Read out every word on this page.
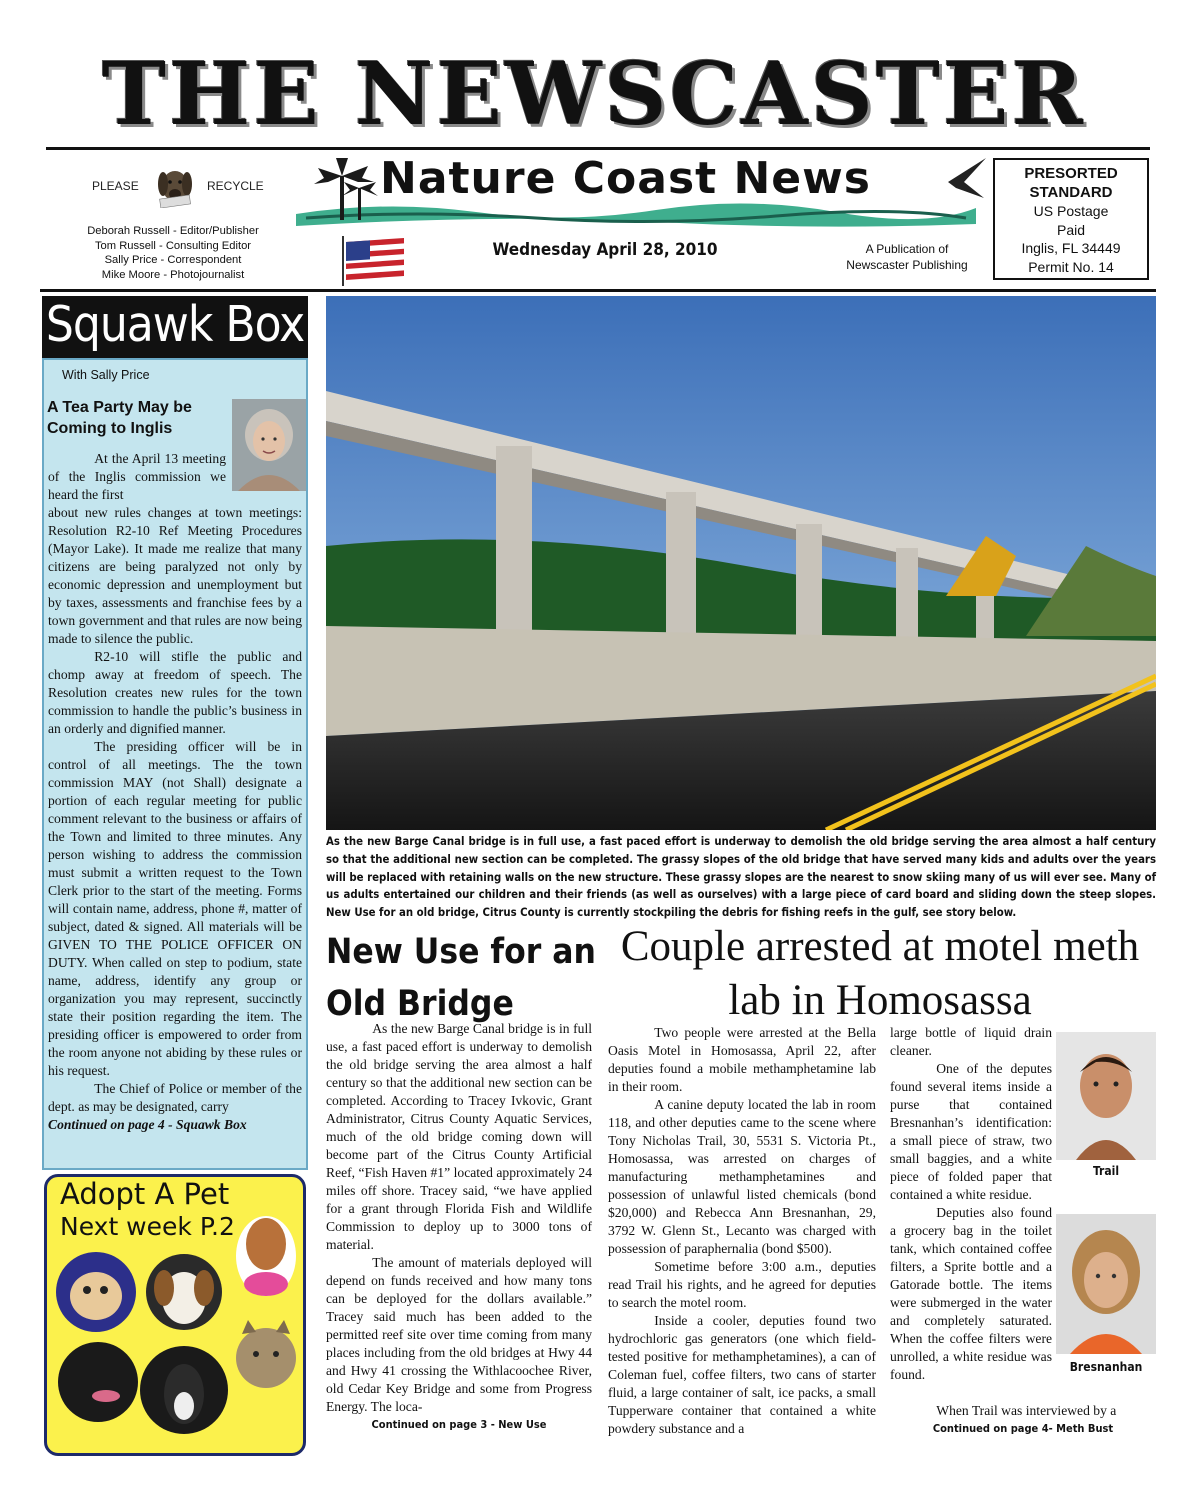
THE NEWSCASTER
PLEASE	RECYCLE
Deborah Russell - Editor/Publisher
Tom Russell - Consulting Editor
Sally Price - Correspondent
Mike Moore - Photojournalist
Nature Coast News
Wednesday April 28, 2010	A Publication of
Newscaster Publishing
PRESORTED
STANDARD
US Postage
Paid
Inglis, FL 34449
Permit No. 14
Squawk Box
With Sally Price
A Tea Party May be Coming to Inglis

At the April 13 meeting of the Inglis commission we heard the first

about new rules changes at town meetings: Resolution R2-10 Ref Meeting Procedures (Mayor Lake). It made me realize that many citizens are being paralyzed not only by economic depression and unemployment but by taxes, assessments and franchise fees by a town government and that rules are now being made to silence the public.

R2-10 will stifle the public and chomp away at freedom of speech. The Resolution creates new rules for the town commission to handle the public’s business in an orderly and dignified manner.

The presiding officer will be in control of all meetings. The the town commission MAY (not Shall) designate a portion of each regular meeting for public comment relevant to the business or affairs of the Town and limited to three minutes. Any person wishing to address the commission must submit a written request to the Town Clerk prior to the start of the meeting. Forms will contain name, address, phone #, matter of subject, dated & signed. All materials will be GIVEN TO THE POLICE OFFICER ON DUTY. When called on step to podium, state name, address, identify any group or organization you may represent, succinctly state their position regarding the item. The presiding officer is empowered to order from the room anyone not abiding by these rules or his request.

The Chief of Police or member of the dept. as may be designated, carry

Continued on page 4 - Squawk Box

Adopt A Pet
Next week P.2
As the new Barge Canal bridge is in full use, a fast paced effort is underway to demolish the old bridge serving the area almost a half century so that the additional new section can be completed. The grassy slopes of the old bridge that have served many kids and adults over the years will be replaced with retaining walls on the new structure. These grassy slopes are the nearest to snow skiing many of us will ever see. Many of us adults entertained our children and their friends (as well as ourselves) with a large piece of card board and sliding down the steep slopes. New Use for an old bridge, Citrus County is currently stockpiling the debris for fishing reefs in the gulf, see story below.
New Use for an Old Bridge

As the new Barge Canal bridge is in full use, a fast paced effort is underway to demolish the old bridge serving the area almost a half century so that the additional new section can be completed. According to Tracey Ivkovic, Grant Administrator, Citrus County Aquatic Services, much of the old bridge coming down will become part of the Citrus County Artificial Reef, “Fish Haven #1” located approximately 24 miles off shore. Tracey said, “we have applied for a grant through Florida Fish and Wildlife Commission to deploy up to 3000 tons of material.

The amount of materials deployed will depend on funds received and how many tons can be deployed for the dollars available.” Tracey said much has been added to the permitted reef site over time coming from many places including from the old bridges at Hwy 44 and Hwy 41 crossing the Withlacoochee River, old Cedar Key Bridge and some from Progress Energy. The loca-

Continued on page 3 - New Use
Couple arrested at motel meth lab in Homosassa

Two people were arrested at the Bella Oasis Motel in Homosassa, April 22, after deputies found a mobile methamphetamine lab in their room.

A canine deputy located the lab in room 118, and other deputies came to the scene where Tony Nicholas Trail, 30, 5531 S. Victoria Pt., Homosassa, was arrested on charges of manufacturing methamphetamines and possession of unlawful listed chemicals (bond $20,000) and Rebecca Ann Bresnanhan, 29, 3792 W. Glenn St., Lecanto was charged with possession of paraphernalia (bond $500).

Sometime before 3:00 a.m., deputies read Trail his rights, and he agreed for deputies to search the motel room.

Inside a cooler, deputies found two hydrochloric gas generators (one which field-tested positive for methamphetamines), a can of Coleman fuel, coffee filters, two cans of starter fluid, a large container of salt, ice packs, a small Tupperware container that contained a white powdery substance and a

large bottle of liquid drain cleaner.

One of the deputes found several items inside a purse that contained Bresnanhan’s identification: a small piece of straw, two small baggies, and a white piece of folded paper that contained a white residue.

Deputies also found a grocery bag in the toilet tank, which contained coffee filters, a Sprite bottle and a Gatorade bottle. The items were submerged in the water and completely saturated. When the coffee filters were unrolled, a white residue was found.

When Trail was interviewed by a

Continued on page 4- Meth Bust
Trail
Bresnanhan
